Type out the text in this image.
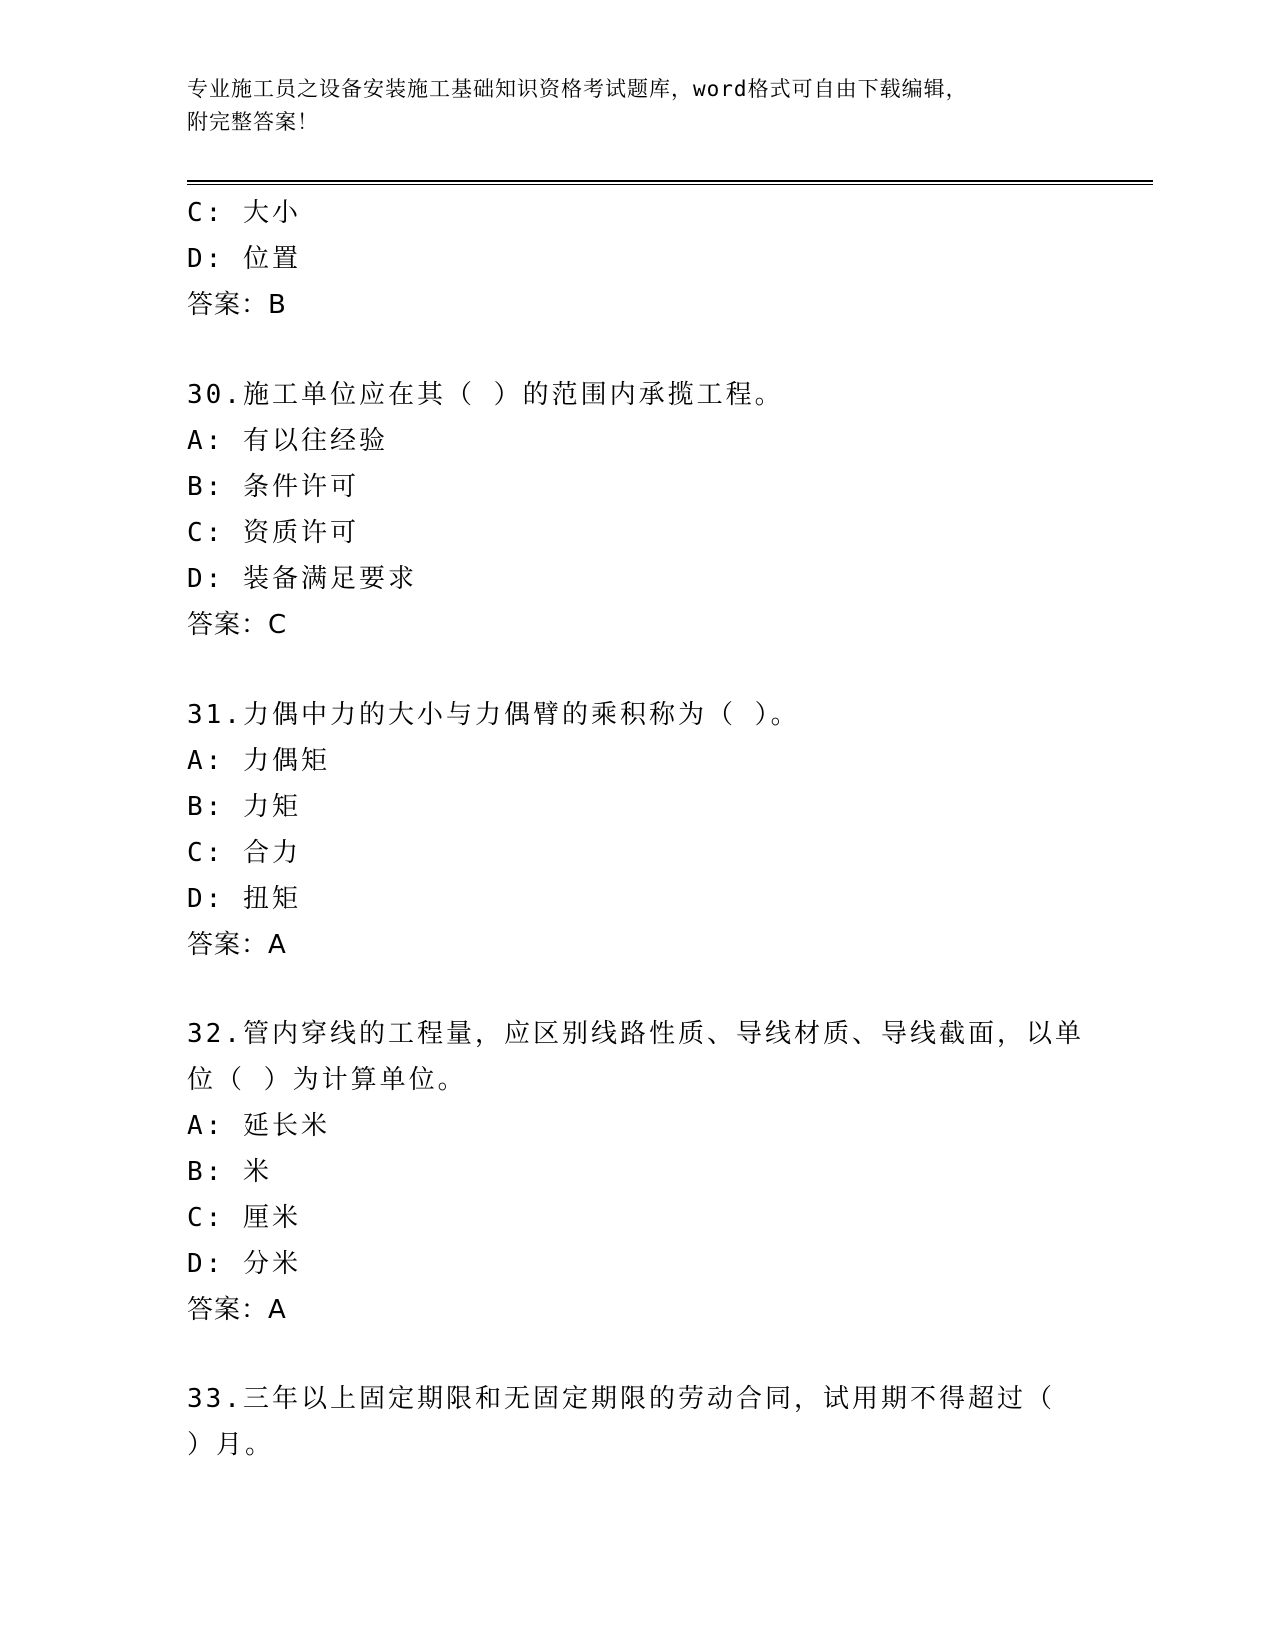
专业施工员之设备安装施工基础知识资格考试题库，word格式可自由下载编辑，
附完整答案！
C: 大小
D: 位置
答案：B
30.施工单位应在其（ ）的范围内承揽工程。
A: 有以往经验
B: 条件许可
C: 资质许可
D: 装备满足要求
答案：C
31.力偶中力的大小与力偶臂的乘积称为（ ）。
A: 力偶矩
B: 力矩
C: 合力
D: 扭矩
答案：A
32.管内穿线的工程量，应区别线路性质、导线材质、导线截面，以单
位（ ）为计算单位。
A: 延长米
B: 米
C: 厘米
D: 分米
答案：A
33.三年以上固定期限和无固定期限的劳动合同，试用期不得超过（
）月。
